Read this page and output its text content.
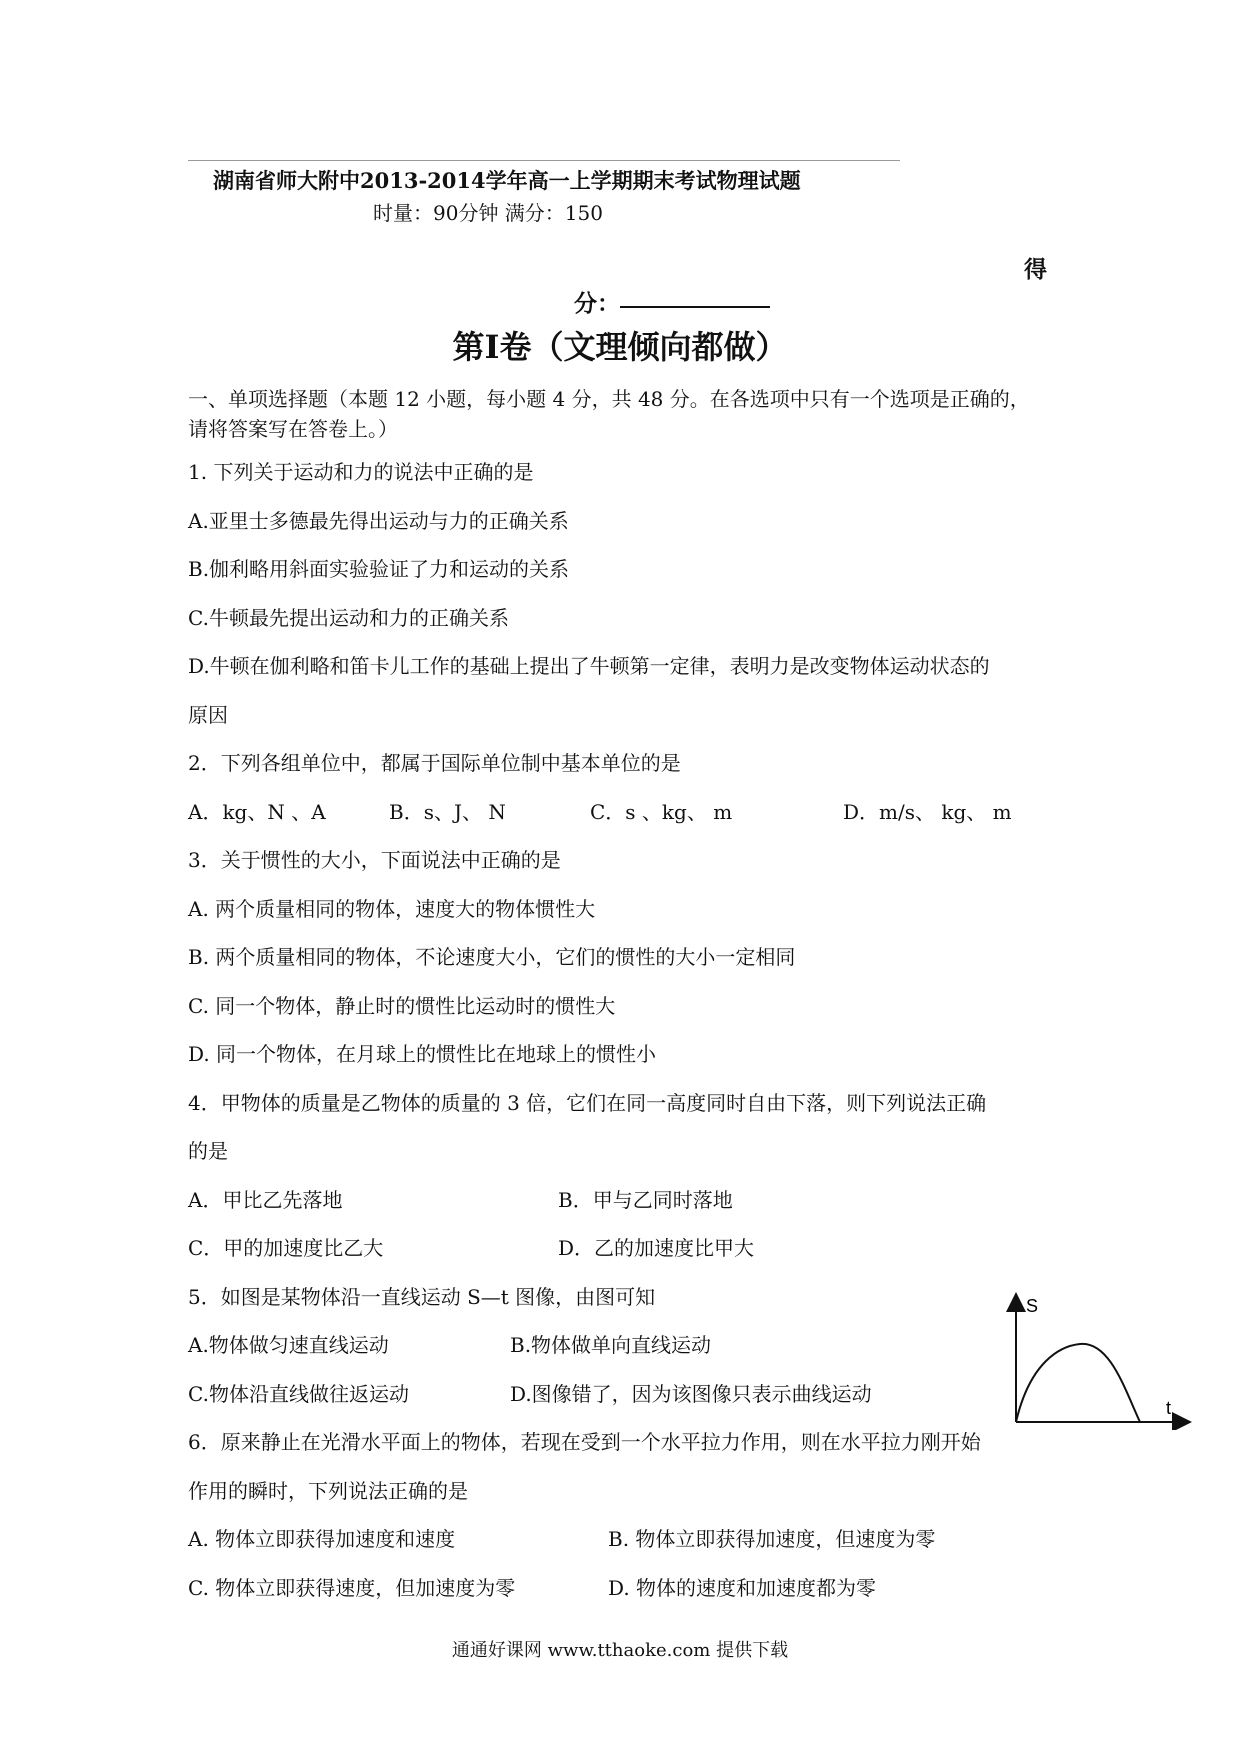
湖南省师大附中2013-2014学年高一上学期期末考试物理试题
时量：90分钟 满分：150
得
分：
第Ⅰ卷（文理倾向都做）
一、单项选择题（本题 12 小题，每小题 4 分，共 48 分。在各选项中只有一个选项是正确的，
请将答案写在答卷上。）
1. 下列关于运动和力的说法中正确的是
A.亚里士多德最先得出运动与力的正确关系
B.伽利略用斜面实验验证了力和运动的关系
C.牛顿最先提出运动和力的正确关系
D.牛顿在伽利略和笛卡儿工作的基础上提出了牛顿第一定律，表明力是改变物体运动状态的
原因
2．下列各组单位中，都属于国际单位制中基本单位的是
A．kg、N 、A	B．s、J、 N	C．s 、kg、 m	D．m/s、 kg、 m
3．关于惯性的大小，下面说法中正确的是
A. 两个质量相同的物体，速度大的物体惯性大
B. 两个质量相同的物体，不论速度大小，它们的惯性的大小一定相同
C. 同一个物体，静止时的惯性比运动时的惯性大
D. 同一个物体，在月球上的惯性比在地球上的惯性小
4．甲物体的质量是乙物体的质量的 3 倍，它们在同一高度同时自由下落，则下列说法正确
的是
A．甲比乙先落地	B．甲与乙同时落地
C．甲的加速度比乙大	D．乙的加速度比甲大
5．如图是某物体沿一直线运动 S—t 图像，由图可知
A.物体做匀速直线运动	B.物体做单向直线运动
C.物体沿直线做往返运动	D.图像错了，因为该图像只表示曲线运动
S
t
6．原来静止在光滑水平面上的物体，若现在受到一个水平拉力作用，则在水平拉力刚开始
作用的瞬时，下列说法正确的是
A. 物体立即获得加速度和速度	B. 物体立即获得加速度，但速度为零
C. 物体立即获得速度，但加速度为零	D. 物体的速度和加速度都为零
通通好课网 www.tthaoke.com 提供下载
